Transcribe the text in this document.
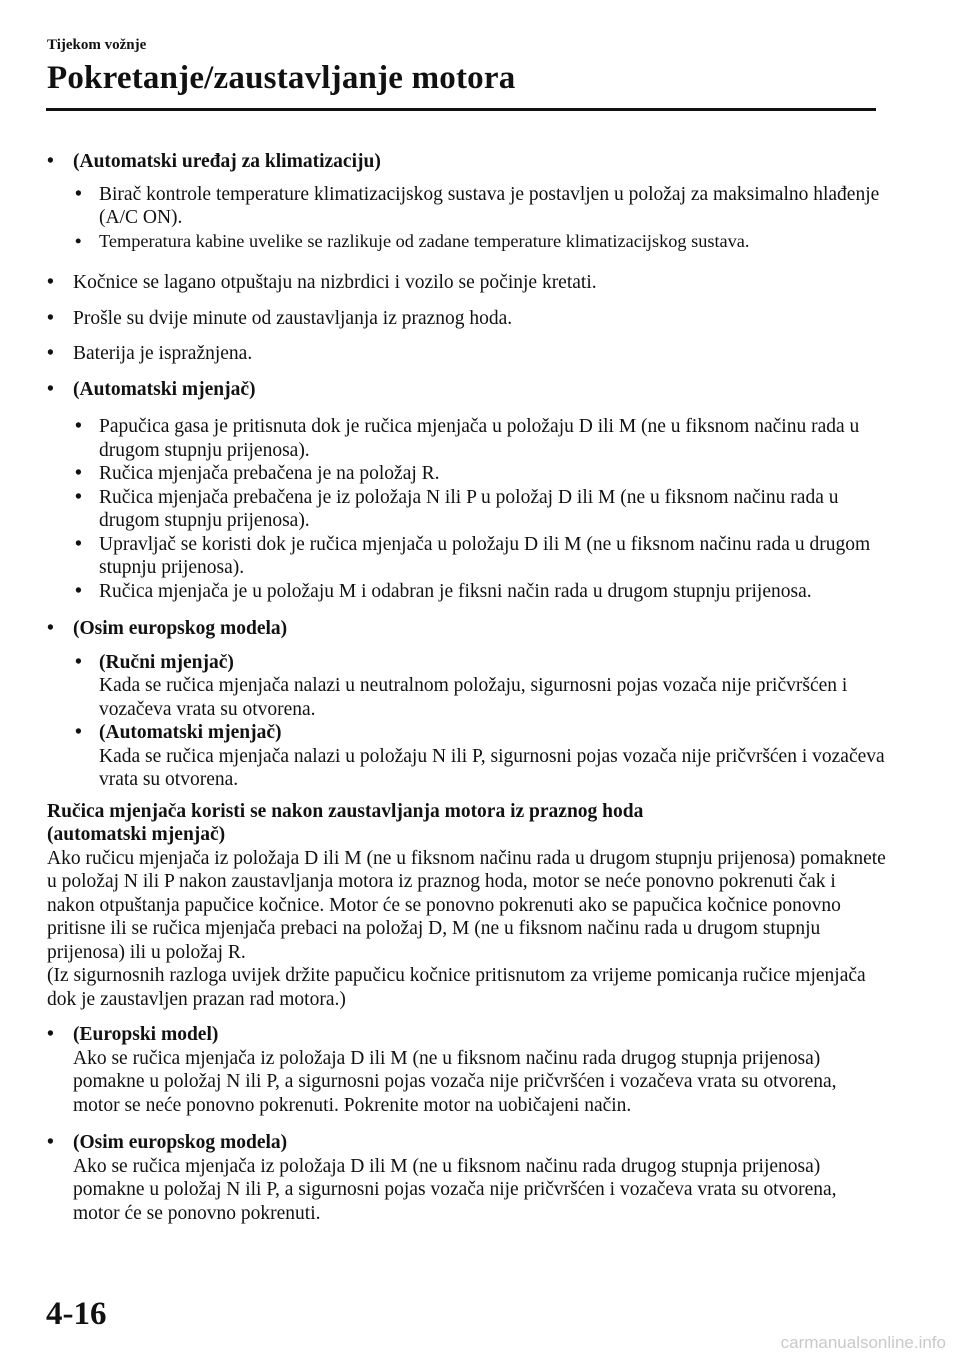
Tijekom vožnje
Pokretanje/zaustavljanje motora
• (Automatski uređaj za klimatizaciju)
• Birač kontrole temperature klimatizacijskog sustava je postavljen u položaj za maksimalno hlađenje (A/C ON).
• Temperatura kabine uvelike se razlikuje od zadane temperature klimatizacijskog sustava.
• Kočnice se lagano otpuštaju na nizbrdici i vozilo se počinje kretati.
• Prošle su dvije minute od zaustavljanja iz praznog hoda.
• Baterija je ispražnjena.
• (Automatski mjenjač)
• Papučica gasa je pritisnuta dok je ručica mjenjača u položaju D ili M (ne u fiksnom načinu rada u drugom stupnju prijenosa).
• Ručica mjenjača prebačena je na položaj R.
• Ručica mjenjača prebačena je iz položaja N ili P u položaj D ili M (ne u fiksnom načinu rada u drugom stupnju prijenosa).
• Upravljač se koristi dok je ručica mjenjača u položaju D ili M (ne u fiksnom načinu rada u drugom stupnju prijenosa).
• Ručica mjenjača je u položaju M i odabran je fiksni način rada u drugom stupnju prijenosa.
• (Osim europskog modela)
• (Ručni mjenjač)
Kada se ručica mjenjača nalazi u neutralnom položaju, sigurnosni pojas vozača nije pričvršćen i vozačeva vrata su otvorena.
• (Automatski mjenjač)
Kada se ručica mjenjača nalazi u položaju N ili P, sigurnosni pojas vozača nije pričvršćen i vozačeva vrata su otvorena.
Ručica mjenjača koristi se nakon zaustavljanja motora iz praznog hoda
(automatski mjenjač)

Ako ručicu mjenjača iz položaja D ili M (ne u fiksnom načinu rada u drugom stupnju prijenosa) pomaknete u položaj N ili P nakon zaustavljanja motora iz praznog hoda, motor se neće ponovno pokrenuti čak i nakon otpuštanja papučice kočnice. Motor će se ponovno pokrenuti ako se papučica kočnice ponovno pritisne ili se ručica mjenjača prebaci na položaj D, M (ne u fiksnom načinu rada u drugom stupnju prijenosa) ili u položaj R.

(Iz sigurnosnih razloga uvijek držite papučicu kočnice pritisnutom za vrijeme pomicanja ručice mjenjača dok je zaustavljen prazan rad motora.)

• (Europski model)
Ako se ručica mjenjača iz položaja D ili M (ne u fiksnom načinu rada drugog stupnja prijenosa) pomakne u položaj N ili P, a sigurnosni pojas vozača nije pričvršćen i vozačeva vrata su otvorena, motor se neće ponovno pokrenuti. Pokrenite motor na uobičajeni način.
• (Osim europskog modela)
Ako se ručica mjenjača iz položaja D ili M (ne u fiksnom načinu rada drugog stupnja prijenosa) pomakne u položaj N ili P, a sigurnosni pojas vozača nije pričvršćen i vozačeva vrata su otvorena, motor će se ponovno pokrenuti.
4-16
carmanualsonline.info
